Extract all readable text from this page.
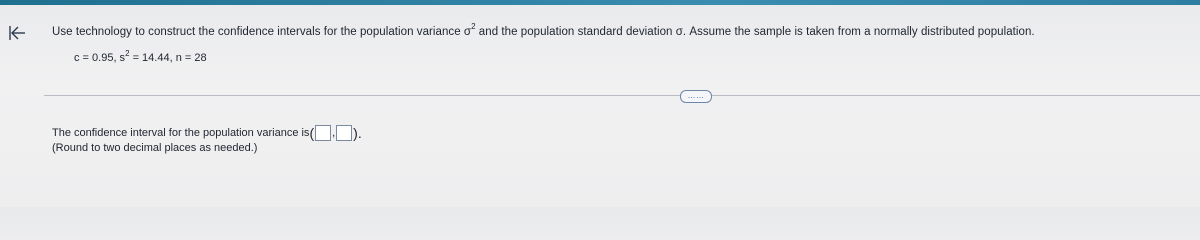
Use technology to construct the confidence intervals for the population variance $\sigma^2$ and the population standard deviation σ. Assume the sample is taken from a normally distributed population.
c = 0.95, $s^2 = 14.44$, n = 28
……
The confidence interval for the population variance is ( , ).
(Round to two decimal places as needed.)
